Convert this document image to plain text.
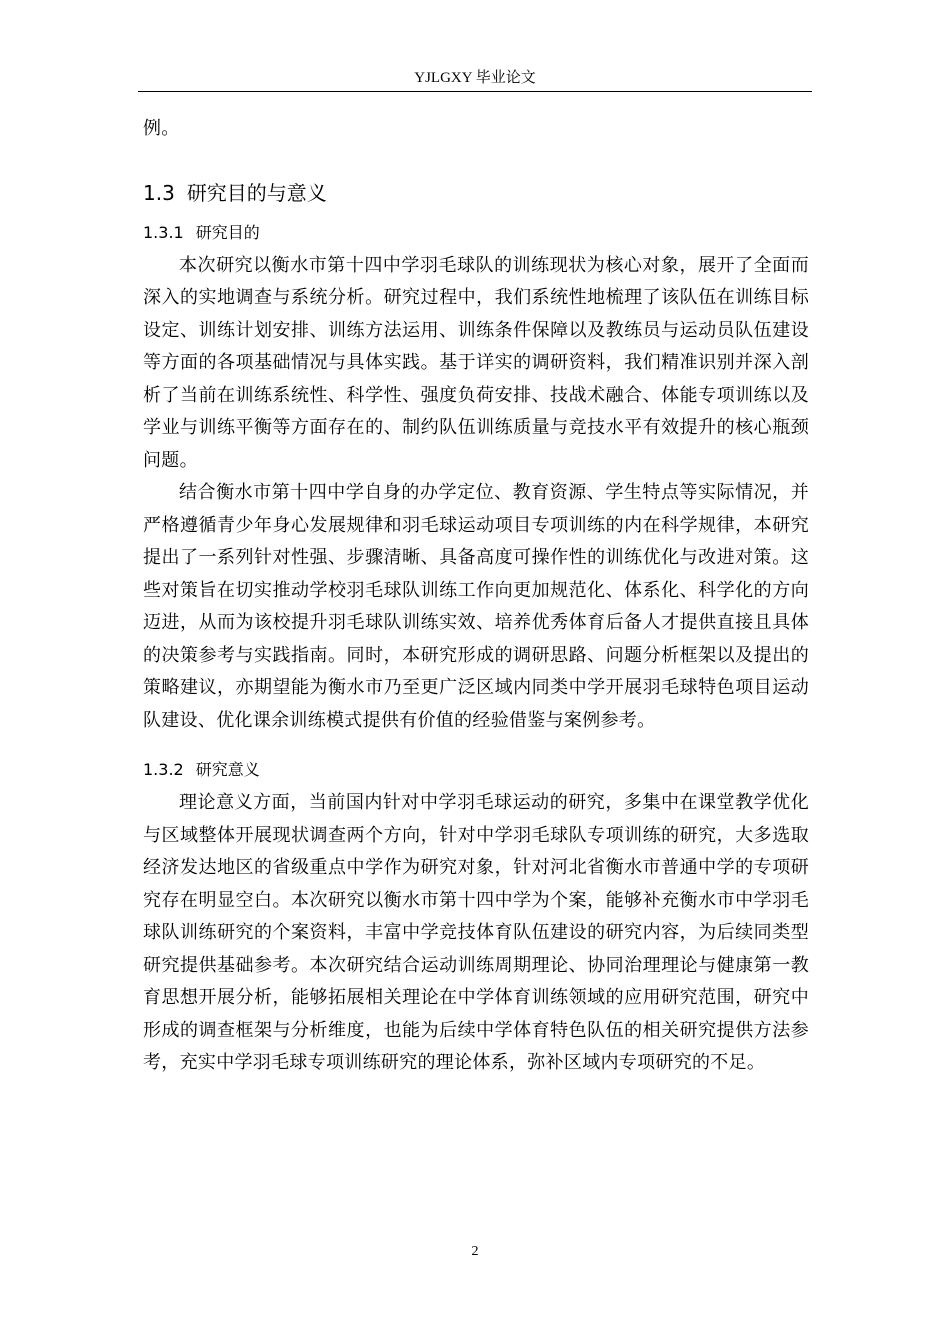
YJLGXY 毕业论文

例。

1.3 研究目的与意义
1.3.1 研究目的

本次研究以衡水市第十四中学羽毛球队的训练现状为核心对象，展开了全面而深入的实地调查与系统分析。研究过程中，我们系统性地梳理了该队伍在训练目标设定、训练计划安排、训练方法运用、训练条件保障以及教练员与运动员队伍建设等方面的各项基础情况与具体实践。基于详实的调研资料，我们精准识别并深入剖析了当前在训练系统性、科学性、强度负荷安排、技战术融合、体能专项训练以及学业与训练平衡等方面存在的、制约队伍训练质量与竞技水平有效提升的核心瓶颈问题。

结合衡水市第十四中学自身的办学定位、教育资源、学生特点等实际情况，并严格遵循青少年身心发展规律和羽毛球运动项目专项训练的内在科学规律，本研究提出了一系列针对性强、步骤清晰、具备高度可操作性的训练优化与改进对策。这些对策旨在切实推动学校羽毛球队训练工作向更加规范化、体系化、科学化的方向迈进，从而为该校提升羽毛球队训练实效、培养优秀体育后备人才提供直接且具体的决策参考与实践指南。同时，本研究形成的调研思路、问题分析框架以及提出的策略建议，亦期望能为衡水市乃至更广泛区域内同类中学开展羽毛球特色项目运动队建设、优化课余训练模式提供有价值的经验借鉴与案例参考。

1.3.2 研究意义

理论意义方面，当前国内针对中学羽毛球运动的研究，多集中在课堂教学优化与区域整体开展现状调查两个方向，针对中学羽毛球队专项训练的研究，大多选取经济发达地区的省级重点中学作为研究对象，针对河北省衡水市普通中学的专项研究存在明显空白。本次研究以衡水市第十四中学为个案，能够补充衡水市中学羽毛球队训练研究的个案资料，丰富中学竞技体育队伍建设的研究内容，为后续同类型研究提供基础参考。本次研究结合运动训练周期理论、协同治理理论与健康第一教育思想开展分析，能够拓展相关理论在中学体育训练领域的应用研究范围，研究中形成的调查框架与分析维度，也能为后续中学体育特色队伍的相关研究提供方法参考，充实中学羽毛球专项训练研究的理论体系，弥补区域内专项研究的不足。

2
